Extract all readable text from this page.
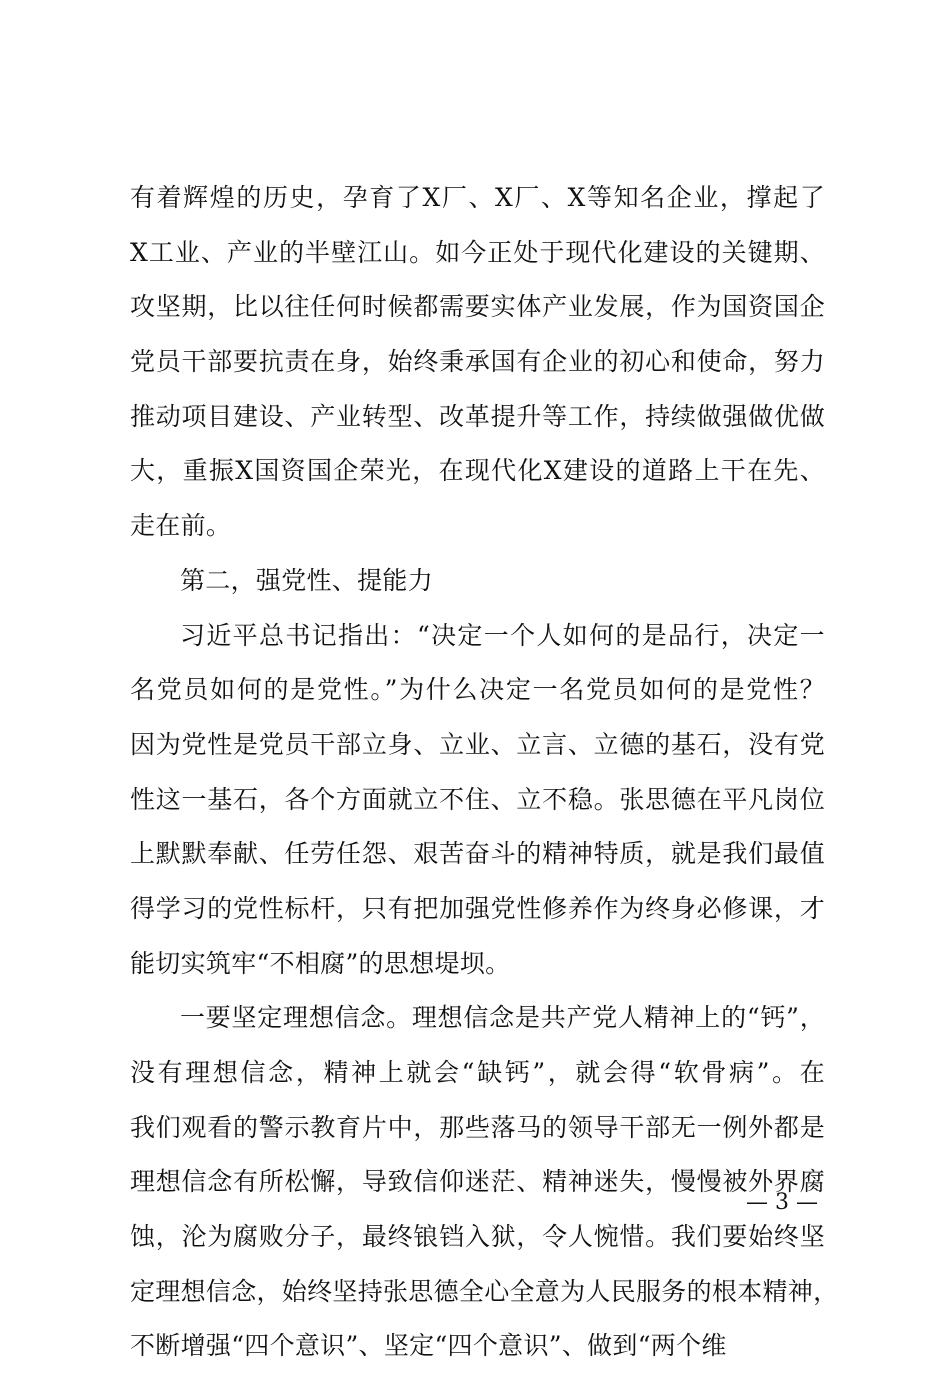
有着辉煌的历史，孕育了X厂、X厂、X等知名企业，撑起了
X工业、产业的半壁江山。如今正处于现代化建设的关键期、
攻坚期，比以往任何时候都需要实体产业发展，作为国资国企
党员干部要抗责在身，始终秉承国有企业的初心和使命，努力
推动项目建设、产业转型、改革提升等工作，持续做强做优做
大，重振X国资国企荣光，在现代化X建设的道路上干在先、
走在前。
第二，强党性、提能力
习近平总书记指出：“决定一个人如何的是品行，决定一
名党员如何的是党性。”为什么决定一名党员如何的是党性？
因为党性是党员干部立身、立业、立言、立德的基石，没有党
性这一基石，各个方面就立不住、立不稳。张思德在平凡岗位
上默默奉献、任劳任怨、艰苦奋斗的精神特质，就是我们最值
得学习的党性标杆，只有把加强党性修养作为终身必修课，才
能切实筑牢“不相腐”的思想堤坝。
一要坚定理想信念。理想信念是共产党人精神上的“钙”，
没有理想信念，精神上就会“缺钙”，就会得“软骨病”。在
我们观看的警示教育片中，那些落马的领导干部无一例外都是
理想信念有所松懈，导致信仰迷茫、精神迷失，慢慢被外界腐
蚀，沦为腐败分子，最终锒铛入狱，令人惋惜。我们要始终坚
定理想信念，始终坚持张思德全心全意为人民服务的根本精神，
不断增强“四个意识”、坚定“四个意识”、做到“两个维
— 3 —
